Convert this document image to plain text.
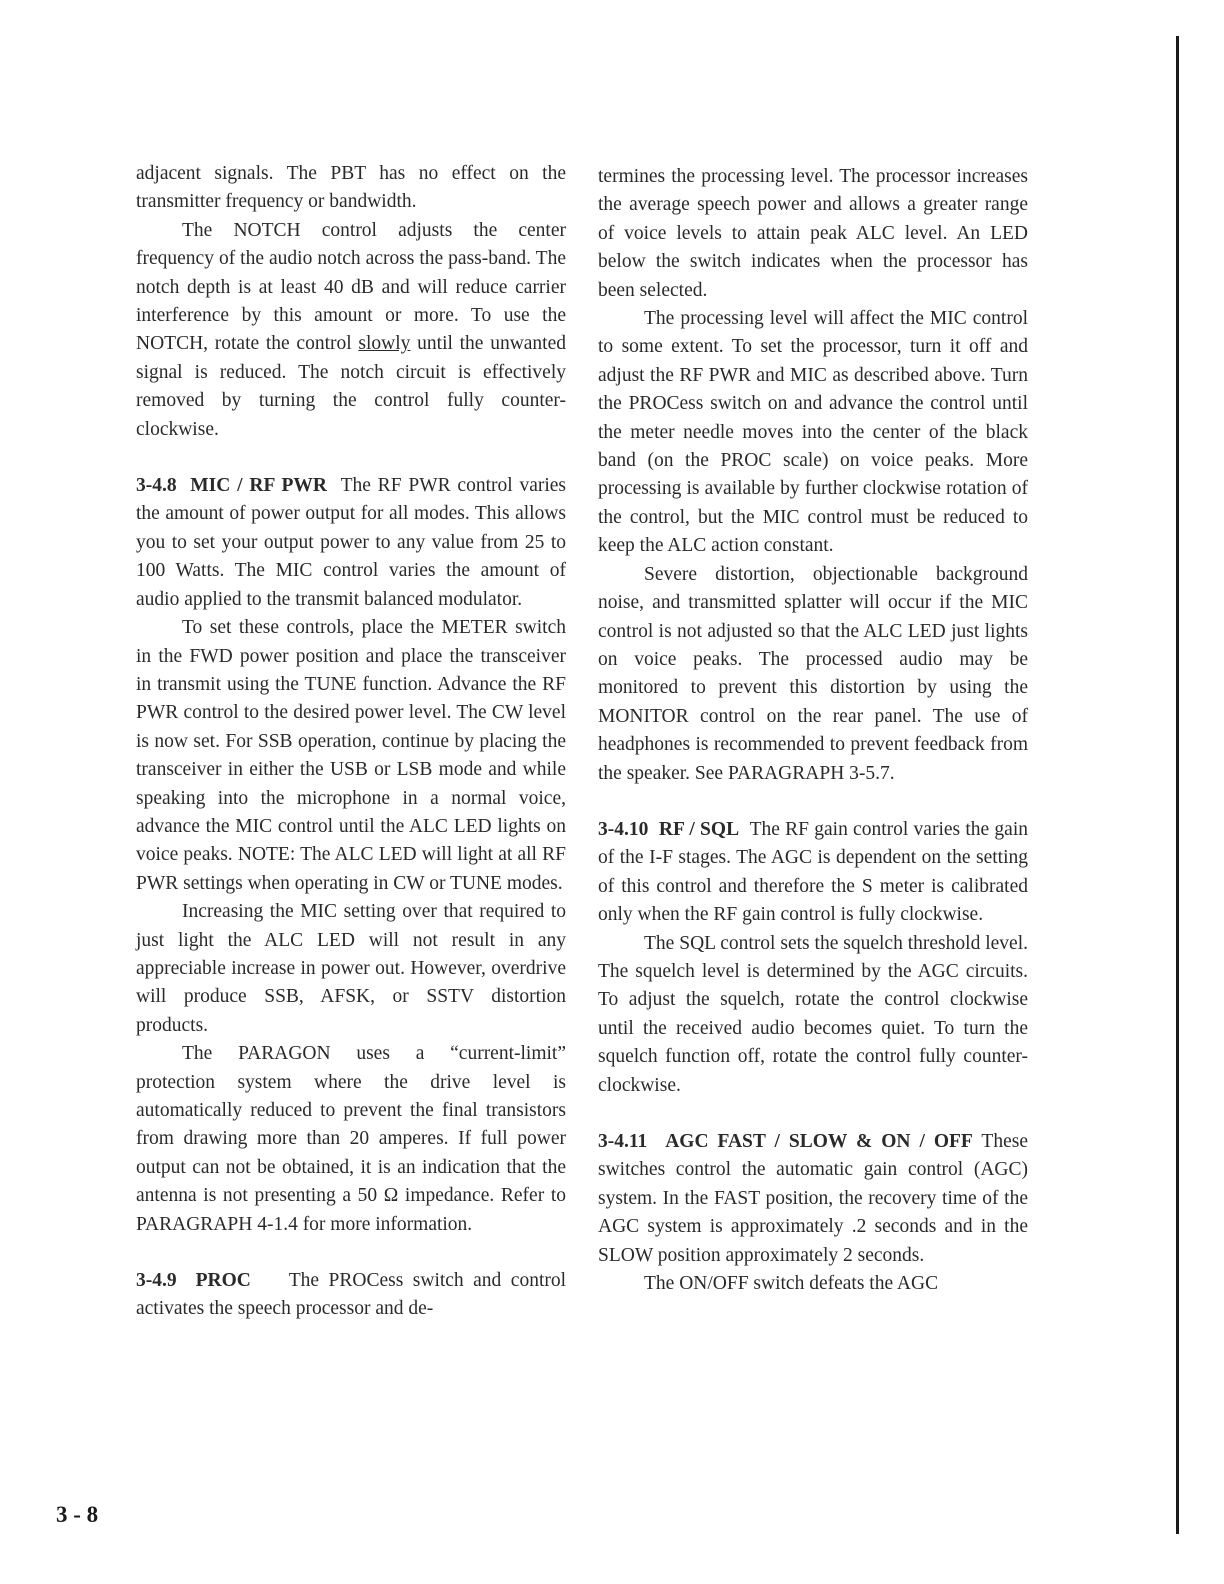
adjacent signals. The PBT has no effect on the transmitter frequency or bandwidth.

The NOTCH control adjusts the center frequency of the audio notch across the pass-band. The notch depth is at least 40 dB and will reduce carrier interference by this amount or more. To use the NOTCH, rotate the control slowly until the unwanted signal is reduced. The notch circuit is effectively removed by turning the control fully counter-clockwise.

3-4.8 MIC / RF PWR The RF PWR control varies the amount of power output for all modes. This allows you to set your output power to any value from 25 to 100 Watts. The MIC control varies the amount of audio applied to the transmit balanced modulator.

To set these controls, place the METER switch in the FWD power position and place the transceiver in transmit using the TUNE function. Advance the RF PWR control to the desired power level. The CW level is now set. For SSB operation, continue by placing the transceiver in either the USB or LSB mode and while speaking into the microphone in a normal voice, advance the MIC control until the ALC LED lights on voice peaks. NOTE: The ALC LED will light at all RF PWR settings when operating in CW or TUNE modes.

Increasing the MIC setting over that required to just light the ALC LED will not result in any appreciable increase in power out. However, overdrive will produce SSB, AFSK, or SSTV distortion products.

The PARAGON uses a “current-limit” protection system where the drive level is automatically reduced to prevent the final transistors from drawing more than 20 amperes. If full power output can not be obtained, it is an indication that the antenna is not presenting a 50 Ω impedance. Refer to PARAGRAPH 4-1.4 for more information.

3-4.9 PROC The PROCess switch and control activates the speech processor and de-

termines the processing level. The processor increases the average speech power and allows a greater range of voice levels to attain peak ALC level. An LED below the switch indicates when the processor has been selected.

The processing level will affect the MIC control to some extent. To set the processor, turn it off and adjust the RF PWR and MIC as described above. Turn the PROCess switch on and advance the control until the meter needle moves into the center of the black band (on the PROC scale) on voice peaks. More processing is available by further clockwise rotation of the control, but the MIC control must be reduced to keep the ALC action constant.

Severe distortion, objectionable background noise, and transmitted splatter will occur if the MIC control is not adjusted so that the ALC LED just lights on voice peaks. The processed audio may be monitored to prevent this distortion by using the MONITOR control on the rear panel. The use of headphones is recommended to prevent feedback from the speaker. See PARAGRAPH 3-5.7.

3-4.10 RF / SQL The RF gain control varies the gain of the I-F stages. The AGC is dependent on the setting of this control and therefore the S meter is calibrated only when the RF gain control is fully clockwise.

The SQL control sets the squelch threshold level. The squelch level is determined by the AGC circuits. To adjust the squelch, rotate the control clockwise until the received audio becomes quiet. To turn the squelch function off, rotate the control fully counter-clockwise.

3-4.11 AGC FAST / SLOW & ON / OFF These switches control the automatic gain control (AGC) system. In the FAST position, the recovery time of the AGC system is approximately .2 seconds and in the SLOW position approximately 2 seconds.

The ON/OFF switch defeats the AGC

3 - 8
